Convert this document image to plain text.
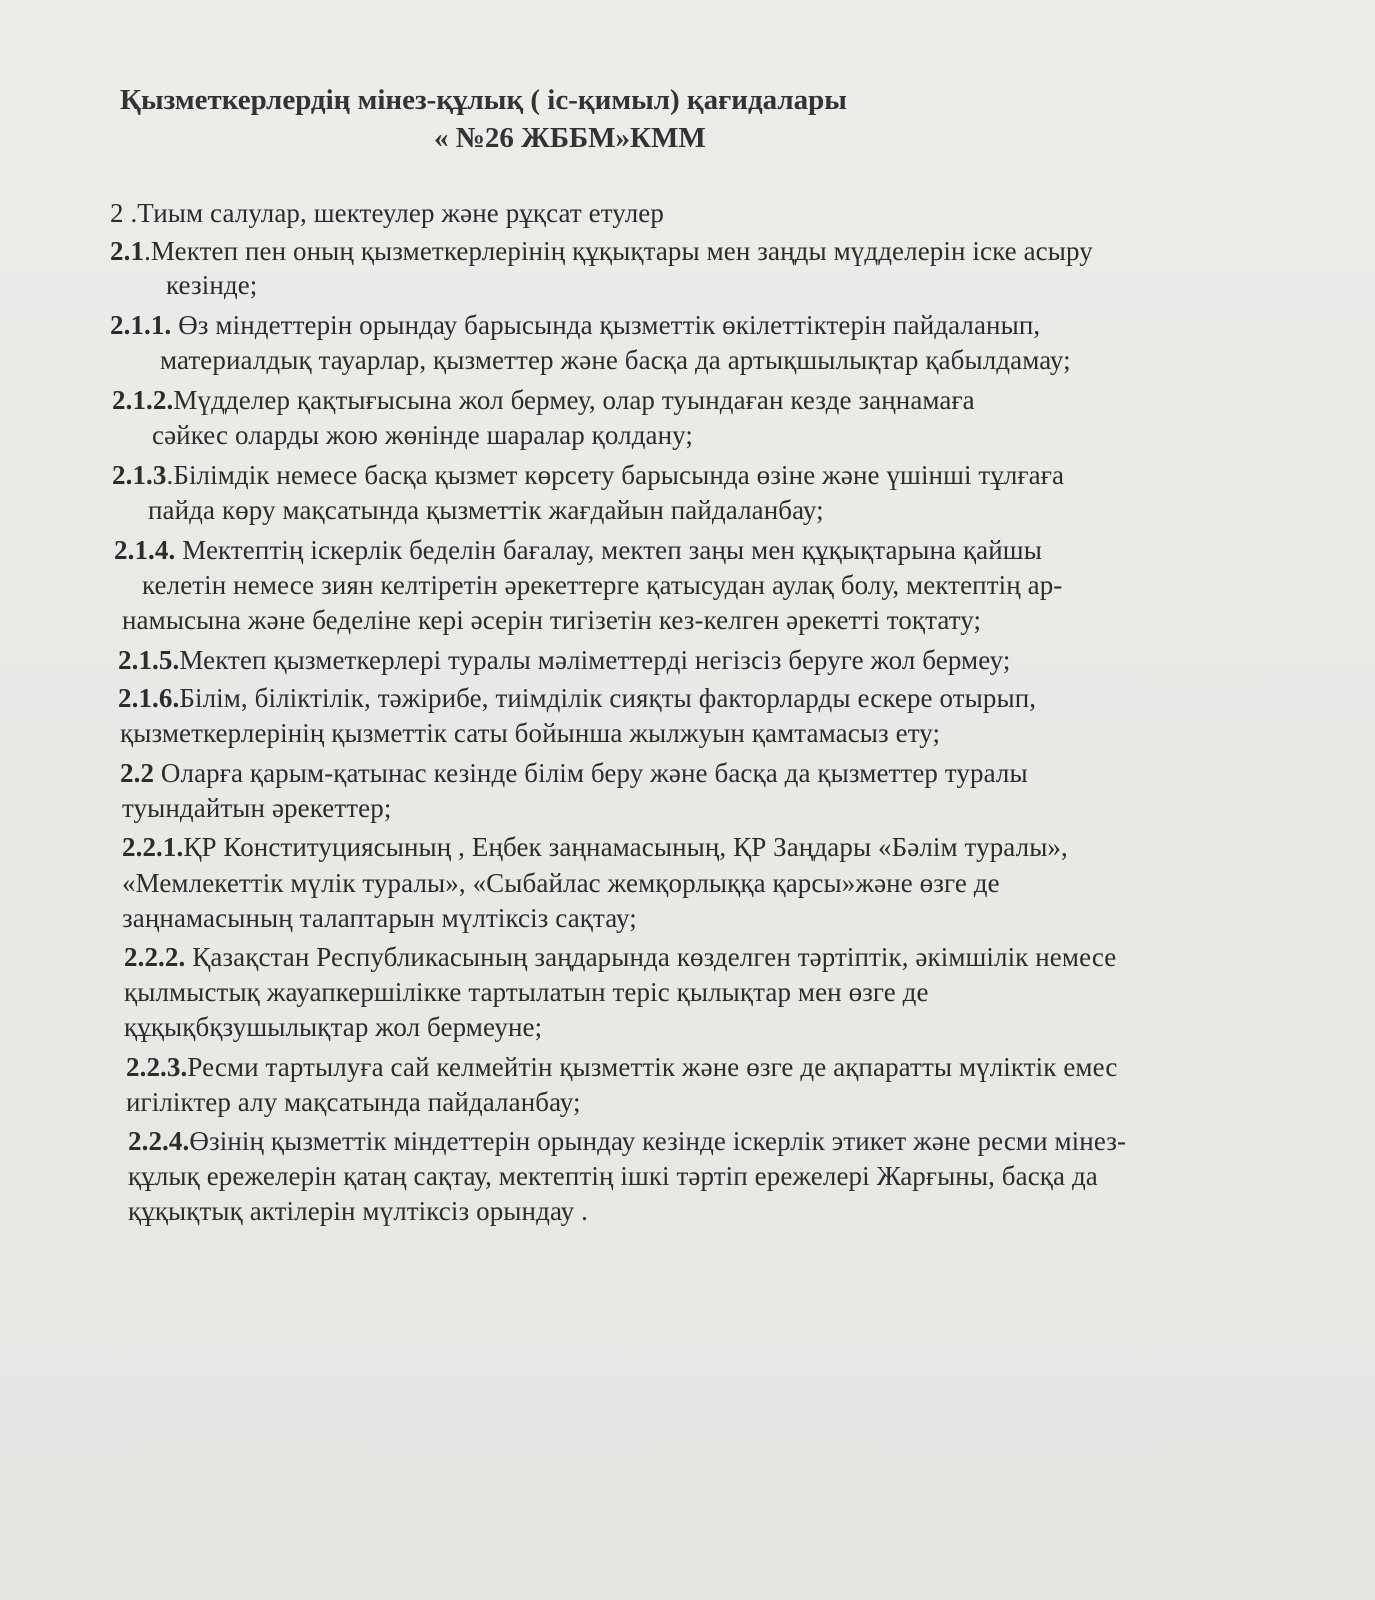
Қызметкерлердің мінез-құлық ( іс-қимыл) қағидалары
« №26 ЖББМ»КММ
2 .Тиым салулар, шектеулер және рұқсат етулер
2.1.Мектеп пен оның қызметкерлерінің құқықтары мен заңды мүдделерін іске асыру
кезінде;
2.1.1. Өз міндеттерін орындау барысында қызметтік өкілеттіктерін пайдаланып,
материалдық тауарлар, қызметтер және басқа да артықшылықтар қабылдамау;
2.1.2.Мүдделер қақтығысына жол бермеу, олар туындаған кезде заңнамаға
сәйкес оларды жою жөнінде шаралар қолдану;
2.1.3.Білімдік немесе басқа қызмет көрсету барысында өзіне және үшінші тұлғаға
пайда көру мақсатында қызметтік жағдайын пайдаланбау;
2.1.4. Мектептің іскерлік беделін бағалау, мектеп заңы мен құқықтарына қайшы
келетін немесе зиян келтіретін әрекеттерге қатысудан аулақ болу, мектептің ар-
намысына және беделіне кері әсерін тигізетін кез-келген әрекетті тоқтату;
2.1.5.Мектеп қызметкерлері туралы мәліметтерді негізсіз беруге жол бермеу;
2.1.6.Білім, біліктілік, тәжірибе, тиімділік сияқты факторларды ескере отырып,
қызметкерлерінің қызметтік саты бойынша жылжуын қамтамасыз ету;
2.2 Оларға қарым-қатынас кезінде білім беру және басқа да қызметтер туралы
туындайтын әрекеттер;
2.2.1.ҚР Конституциясының , Еңбек заңнамасының, ҚР Заңдары «Бәлім туралы»,
«Мемлекеттік мүлік туралы», «Сыбайлас жемқорлыққа қарсы»және өзге де
заңнамасының талаптарын мүлтіксіз сақтау;
2.2.2. Қазақстан Республикасының заңдарында көзделген тәртіптік, әкімшілік немесе
қылмыстық жауапкершілікке тартылатын теріс қылықтар мен өзге де
құқықбқзушылықтар жол бермеуне;
2.2.3.Ресми тартылуға сай келмейтін қызметтік және өзге де ақпаратты мүліктік емес
игіліктер алу мақсатында пайдаланбау;
2.2.4.Өзінің қызметтік міндеттерін орындау кезінде іскерлік этикет және ресми мінез-
құлық ережелерін қатаң сақтау, мектептің ішкі тәртіп ережелері Жарғыны, басқа да
құқықтық актілерін мүлтіксіз орындау .
